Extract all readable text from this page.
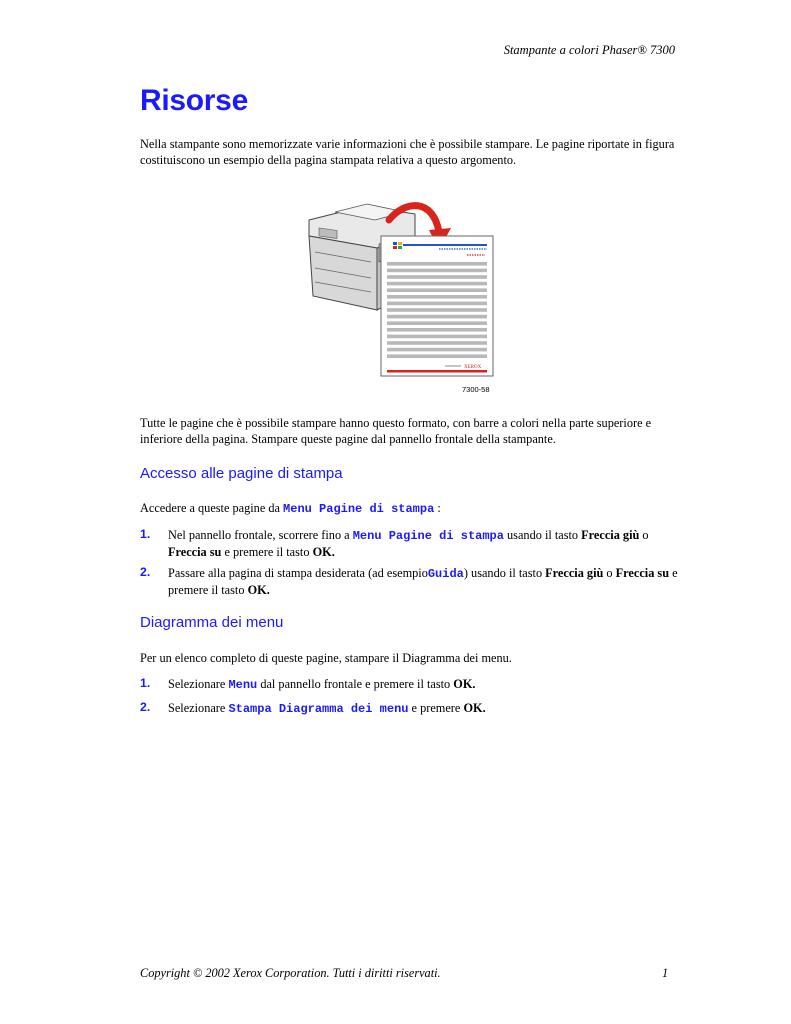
Stampante a colori Phaser® 7300
Risorse
Nella stampante sono memorizzate varie informazioni che è possibile stampare. Le pagine riportate in figura costituiscono un esempio della pagina stampata relativa a questo argomento.
XEROX
7300-58
Tutte le pagine che è possibile stampare hanno questo formato, con barre a colori nella parte superiore e inferiore della pagina. Stampare queste pagine dal pannello frontale della stampante.
Accesso alle pagine di stampa
Accedere a queste pagine da Menu Pagine di stampa :
1. Nel pannello frontale, scorrere fino a Menu Pagine di stampa usando il tasto Freccia giù o Freccia su e premere il tasto OK.
2. Passare alla pagina di stampa desiderata (ad esempioGuida) usando il tasto Freccia giù o Freccia su e premere il tasto OK.
Diagramma dei menu
Per un elenco completo di queste pagine, stampare il Diagramma dei menu.
1. Selezionare Menu dal pannello frontale e premere il tasto OK.
2. Selezionare Stampa Diagramma dei menu e premere OK.
Copyright © 2002 Xerox Corporation. Tutti i diritti riservati.	1
